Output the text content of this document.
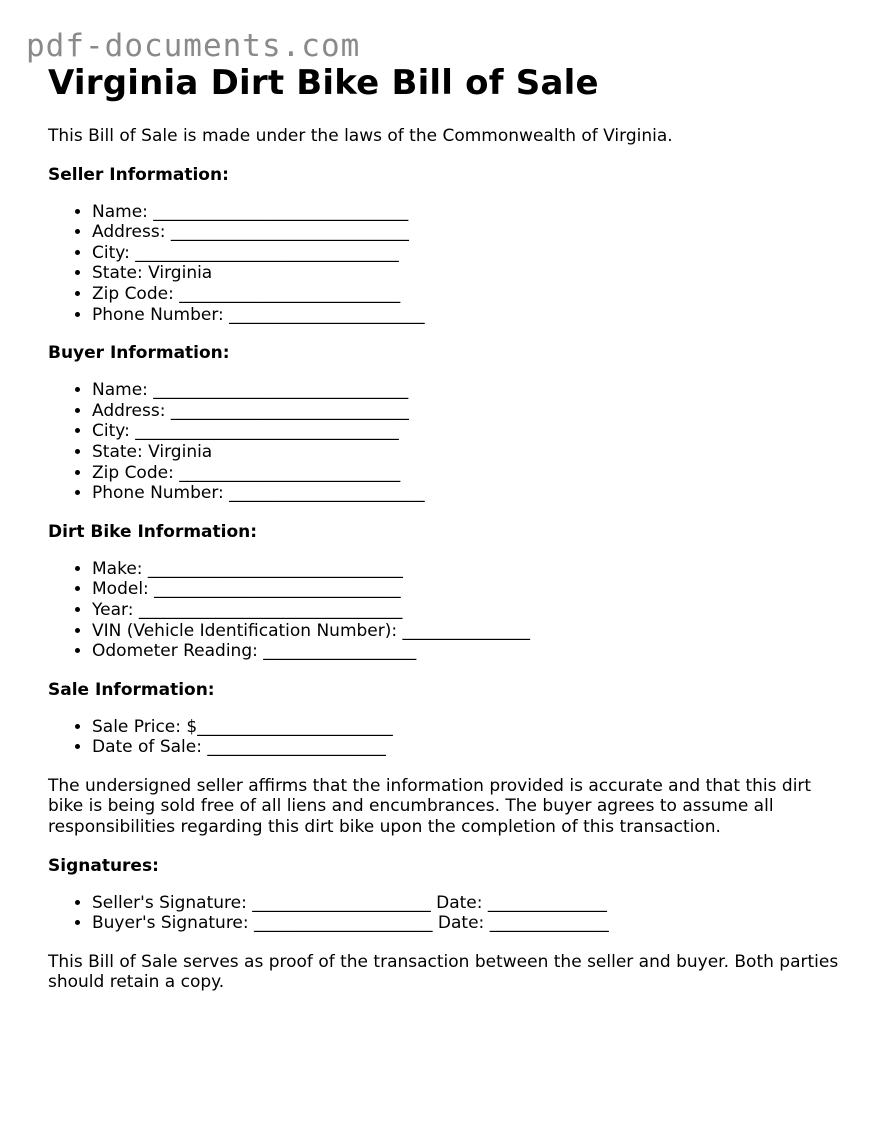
pdf-documents.com
Virginia Dirt Bike Bill of Sale

This Bill of Sale is made under the laws of the Commonwealth of Virginia.

Seller Information:
• Name: ______________________________
• Address: ____________________________
• City: _______________________________
• State: Virginia
• Zip Code: __________________________
• Phone Number: _______________________
Buyer Information:
• Name: ______________________________
• Address: ____________________________
• City: _______________________________
• State: Virginia
• Zip Code: __________________________
• Phone Number: _______________________
Dirt Bike Information:
• Make: ______________________________
• Model: _____________________________
• Year: _______________________________
• VIN (Vehicle Identification Number): _______________
• Odometer Reading: __________________
Sale Information:
• Sale Price: $_______________________
• Date of Sale: _____________________

The undersigned seller affirms that the information provided is accurate and that this dirt bike is being sold free of all liens and encumbrances. The buyer agrees to assume all responsibilities regarding this dirt bike upon the completion of this transaction.

Signatures:
• Seller's Signature: _____________________ Date: ______________
• Buyer's Signature: _____________________ Date: ______________

This Bill of Sale serves as proof of the transaction between the seller and buyer. Both parties should retain a copy.
